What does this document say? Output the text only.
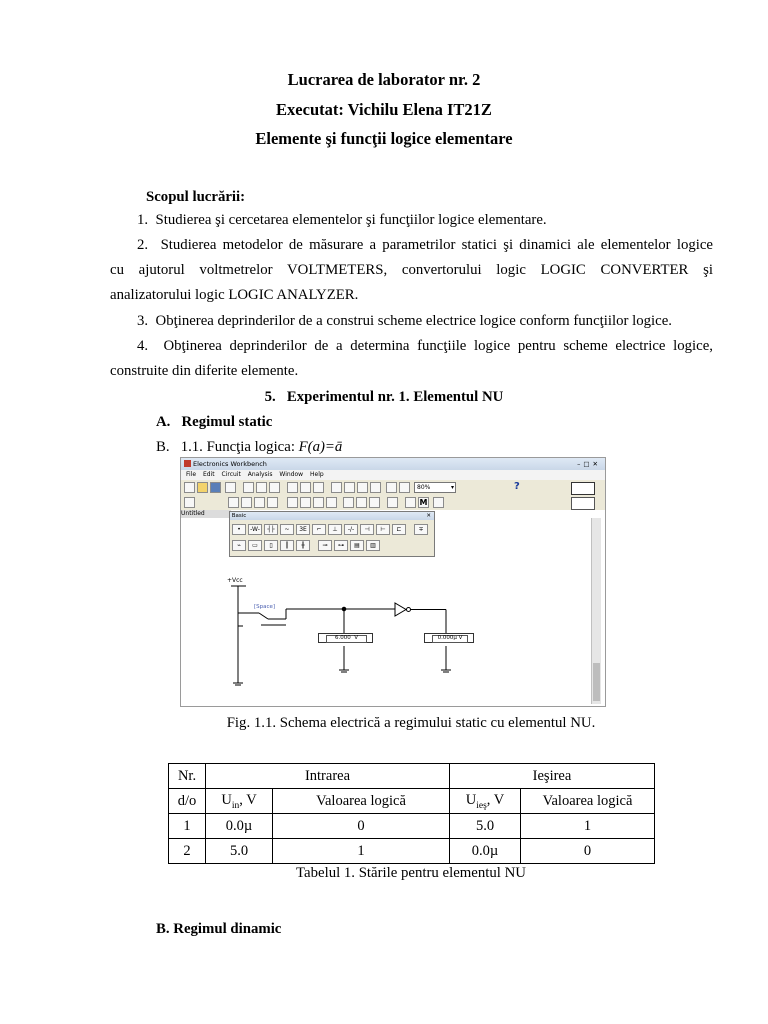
Lucrarea de laborator nr. 2
Executat: Vichilu Elena IT21Z
Elemente şi funcţii logice elementare
Scopul lucrării:
1. Studierea şi cercetarea elementelor şi funcţiilor logice elementare.
2. Studierea metodelor de măsurare a parametrilor statici şi dinamici ale elementelor logice
cu ajutorul voltmetrelor VOLTMETERS, convertorului logic LOGIC CONVERTER şi
analizatorului logic LOGIC ANALYZER.
3. Obţinerea deprinderilor de a construi scheme electrice logice conform funcţiilor logice.
4. Obţinerea deprinderilor de a determina funcţiile logice pentru scheme electrice logice,
construite din diferite elemente.
5. Experimentul nr. 1. Elementul NU
A. Regimul static
B. 1.1. Funcţia logica: F(a)=ā
Electronics Workbench	–□✕
File Edit Circuit Analysis Window Help
80%	▾	?
M
Untitled	Basic	✕
•	-W-	┤├	~	3E	⌐	⊥	-/-	⊣	⊢	⊏	∓
⌁	▭	▯	║	╫	⊸	⊶	▤	▥
+Vcc
[Space]
6.000 V	0.000µ V
Fig. 1.1. Schema electrică a regimului static cu elementul NU.
Nr.	Intrarea		Ieşirea	
d/o	$U_{in}$, V	Valoarea logică	$U_{ieş}$, V	Valoarea logică
1	0.0µ	0	5.0	1
2	5.0	1	0.0µ	0
Tabelul 1. Stările pentru elementul NU
B. Regimul dinamic
